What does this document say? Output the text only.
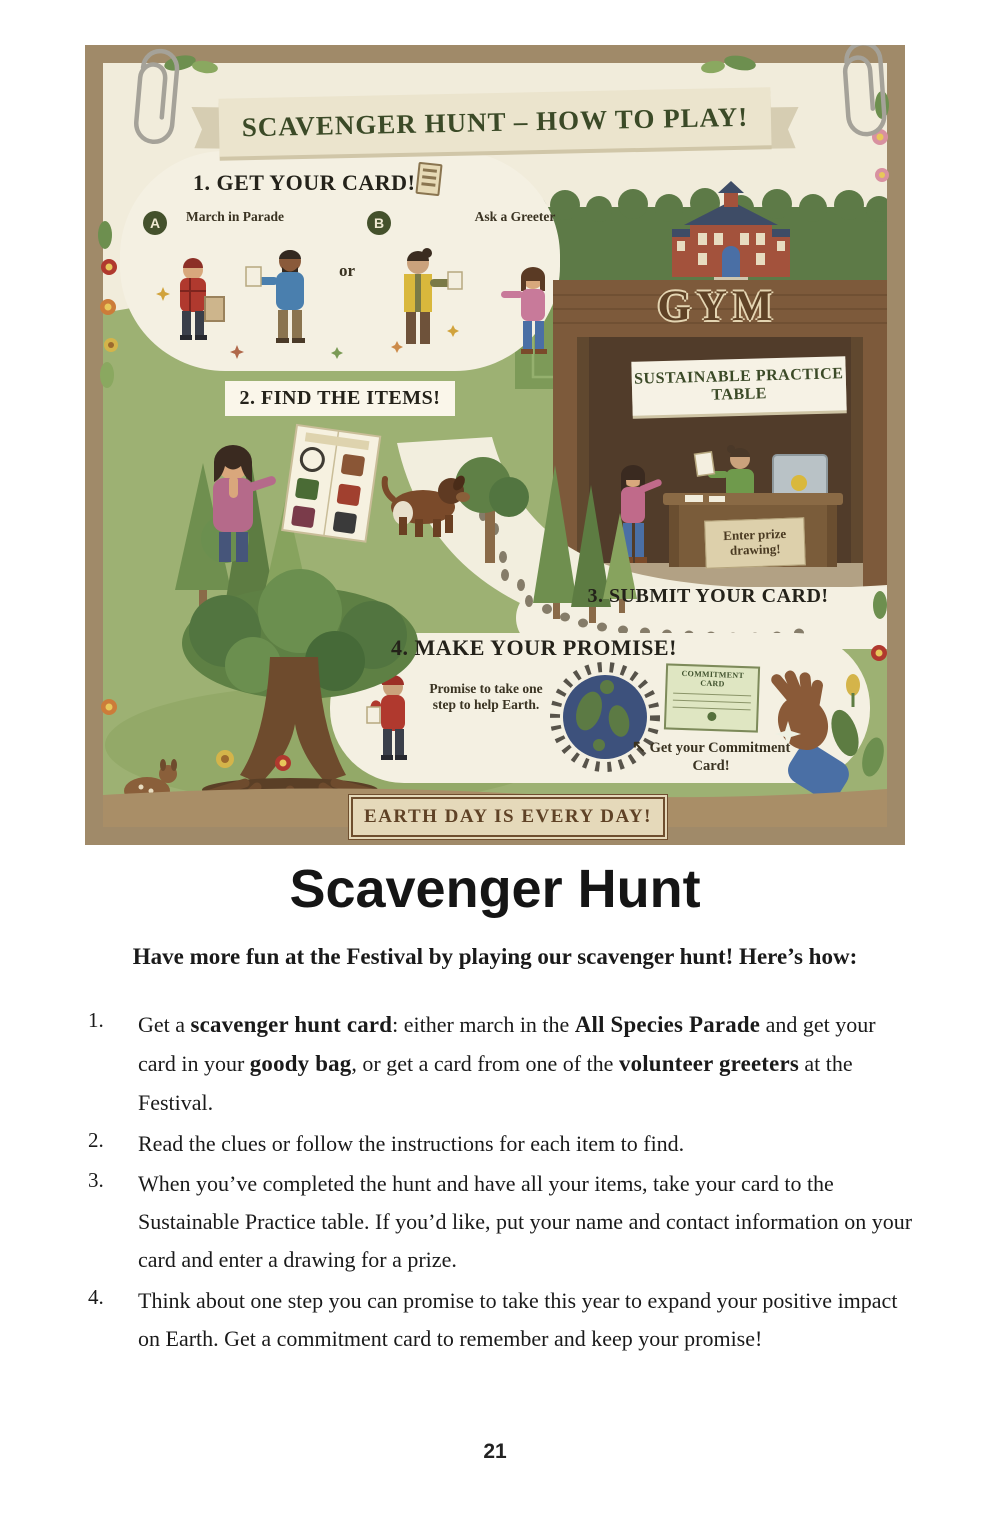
SCAVENGER HUNT – HOW TO PLAY!
1. GET YOUR CARD!
A	March in Parade
or
B	Ask a Greeter
2. FIND THE ITEMS!
GYM
SUSTAINABLE PRACTICE TABLE
Enter prize drawing!
3. SUBMIT YOUR CARD!
4. MAKE YOUR PROMISE!
Promise to take one step to help Earth.
COMMITMENT CARD
↖ Get your Commitment Card!
EARTH DAY IS EVERY DAY!
Scavenger Hunt

Have more fun at the Festival by playing our scavenger hunt! Here’s how:

1.	Get a scavenger hunt card: either march in the All Species Parade and get your card in your goody bag, or get a card from one of the volunteer greeters at the Festival.
2.	Read the clues or follow the instructions for each item to find.
3.	When you’ve completed the hunt and have all your items, take your card to the Sustainable Practice table. If you’d like, put your name and contact information on your card and enter a drawing for a prize.
4.	Think about one step you can promise to take this year to expand your positive impact on Earth. Get a commitment card to remember and keep your promise!
21
